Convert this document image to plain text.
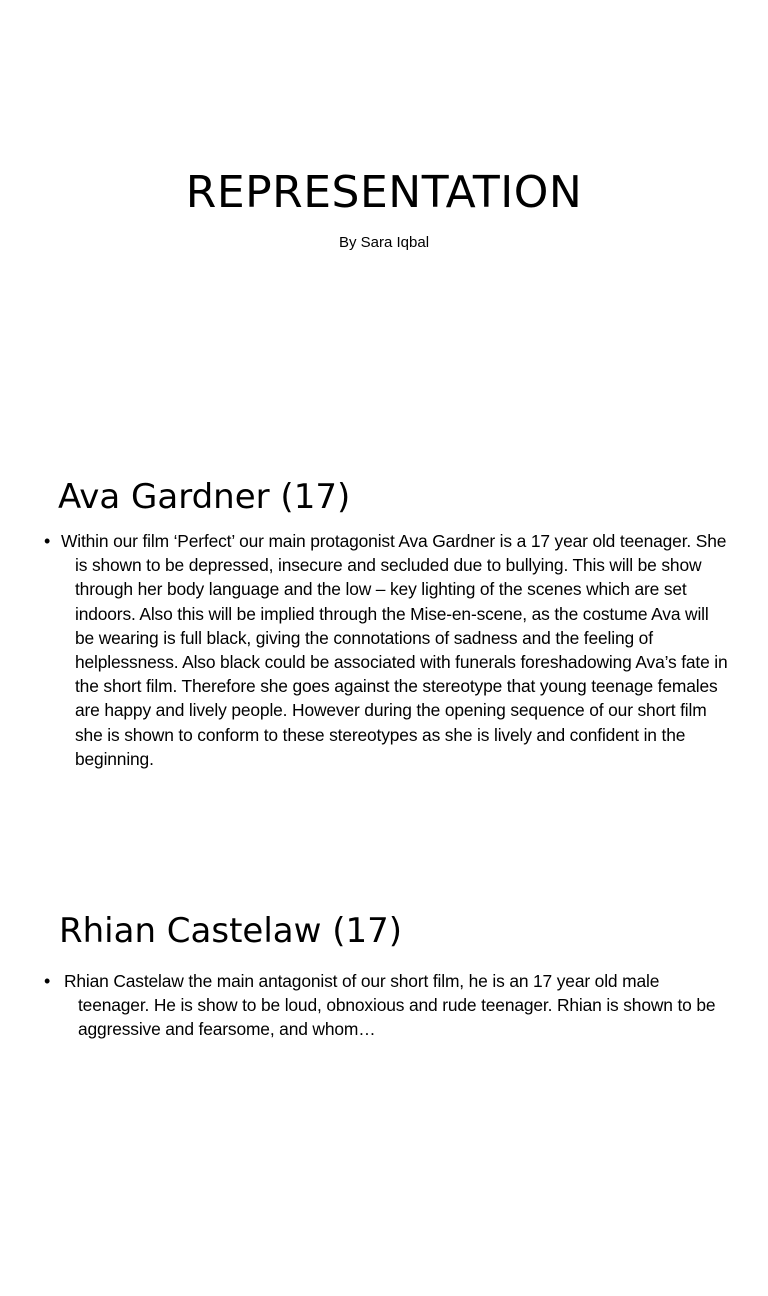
REPRESENTATION
By Sara Iqbal
Ava Gardner (17)
• Within our film ‘Perfect’ our main protagonist Ava Gardner is a 17 year old teenager. She is shown to be depressed, insecure and secluded due to bullying. This will be show through her body language and the low – key lighting of the scenes which are set indoors. Also this will be implied through the Mise-en-scene, as the costume Ava will be wearing is full black, giving the connotations of sadness and the feeling of helplessness. Also black could be associated with funerals foreshadowing Ava’s fate in the short film. Therefore she goes against the stereotype that young teenage females are happy and lively people. However during the opening sequence of our short film she is shown to conform to these stereotypes as she is lively and confident in the beginning.

Rhian Castelaw (17)
• Rhian Castelaw the main antagonist of our short film, he is an 17 year old male teenager. He is show to be loud, obnoxious and rude teenager. Rhian is shown to be aggressive and fearsome, and whom…
